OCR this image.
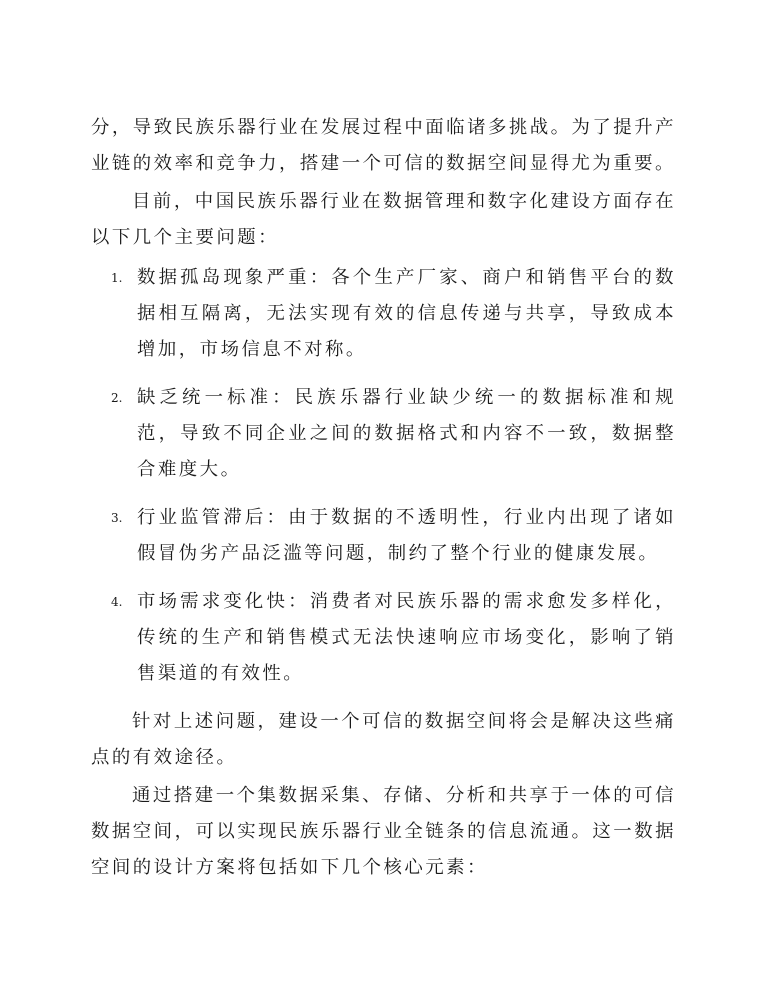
分，导致民族乐器行业在发展过程中面临诸多挑战。为了提升产业链的效率和竞争力，搭建一个可信的数据空间显得尤为重要。

目前，中国民族乐器行业在数据管理和数字化建设方面存在以下几个主要问题：

1. 数据孤岛现象严重：各个生产厂家、商户和销售平台的数据相互隔离，无法实现有效的信息传递与共享，导致成本增加，市场信息不对称。
2. 缺乏统一标准：民族乐器行业缺少统一的数据标准和规范，导致不同企业之间的数据格式和内容不一致，数据整合难度大。
3. 行业监管滞后：由于数据的不透明性，行业内出现了诸如假冒伪劣产品泛滥等问题，制约了整个行业的健康发展。
4. 市场需求变化快：消费者对民族乐器的需求愈发多样化，传统的生产和销售模式无法快速响应市场变化，影响了销售渠道的有效性。

针对上述问题，建设一个可信的数据空间将会是解决这些痛点的有效途径。

通过搭建一个集数据采集、存储、分析和共享于一体的可信数据空间，可以实现民族乐器行业全链条的信息流通。这一数据空间的设计方案将包括如下几个核心元素：
